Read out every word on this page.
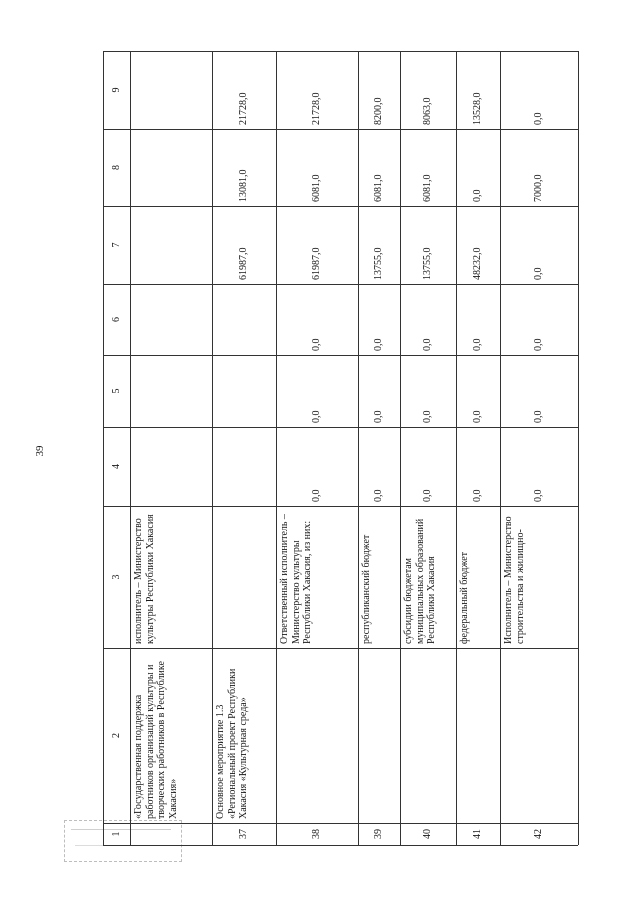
39
1
2
3
4
5
6
7
8
9
«Государственная поддержка работников организаций культуры и творческих работников в Республике Хакасия»
исполнитель – Министерство культуры Республики Хакасия
37
Основное мероприятие 1.3 «Региональный проект Республики Хакасия «Культурная среда»
61987,0
13081,0
21728,0
38
Ответственный исполнитель – Министерство культуры Республики Хакасия, из них:
0,0
0,0
0,0
61987,0
6081,0
21728,0
39
республиканский бюджет
0,0
0,0
0,0
13755,0
6081,0
8200,0
40
субсидии бюджетам муниципальных образований Республики Хакасия
0,0
0,0
0,0
13755,0
6081,0
8063,0
41
федеральный бюджет
0,0
0,0
0,0
48232,0
0,0
13528,0
42
Исполнитель – Министерство строительства и жилищно-
0,0
0,0
0,0
0,0
7000,0
0,0
